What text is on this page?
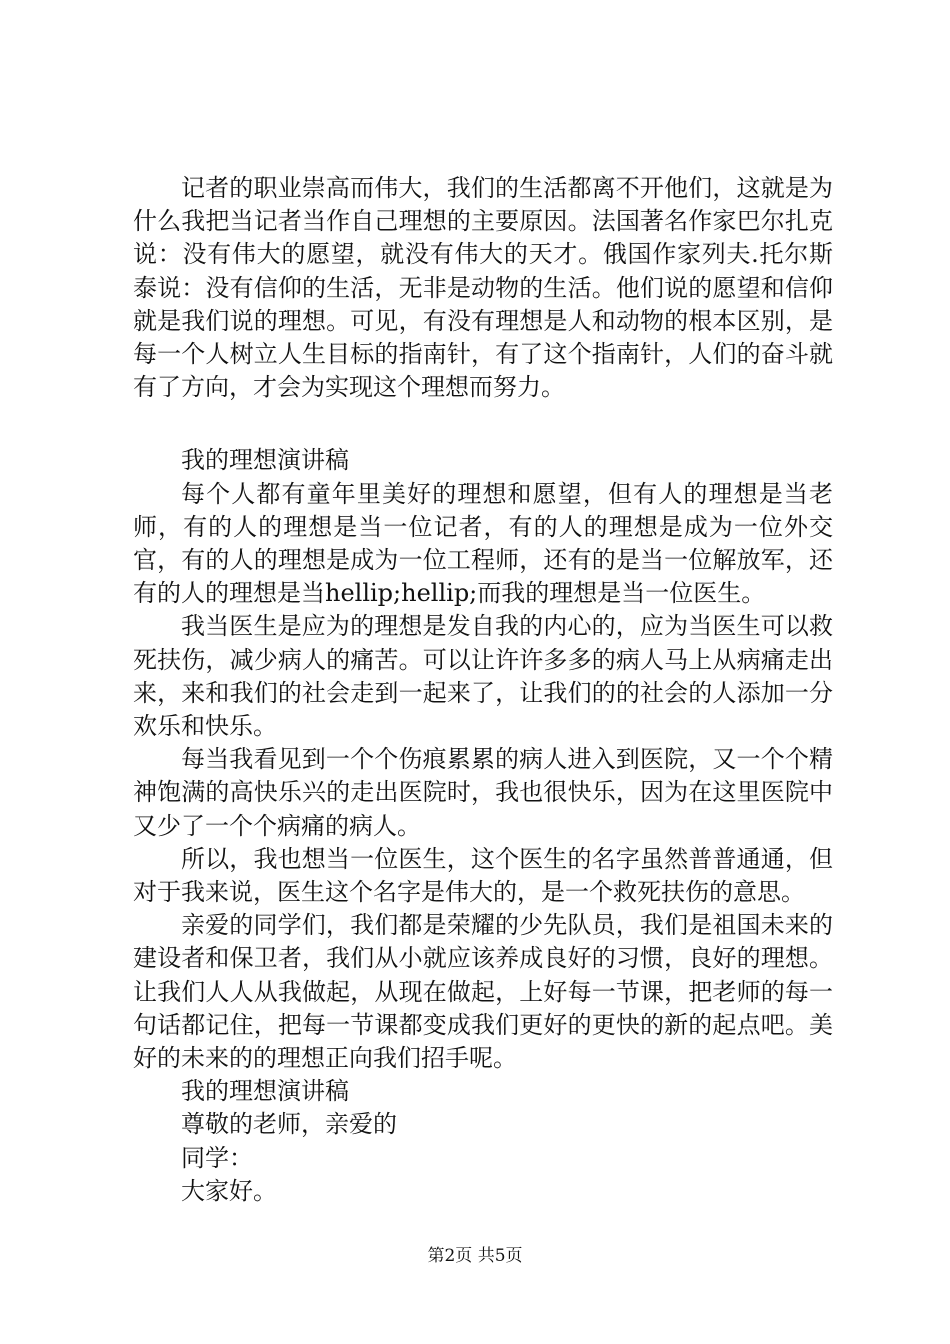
记者的职业崇高而伟大，我们的生活都离不开他们，这就是为什么我把当记者当作自己理想的主要原因。法国著名作家巴尔扎克说：没有伟大的愿望，就没有伟大的天才。俄国作家列夫.托尔斯泰说：没有信仰的生活，无非是动物的生活。他们说的愿望和信仰就是我们说的理想。可见，有没有理想是人和动物的根本区别，是每一个人树立人生目标的指南针，有了这个指南针，人们的奋斗就有了方向，才会为实现这个理想而努力。

我的理想演讲稿

每个人都有童年里美好的理想和愿望，但有人的理想是当老师，有的人的理想是当一位记者，有的人的理想是成为一位外交官，有的人的理想是成为一位工程师，还有的是当一位解放军，还有的人的理想是当hellip;hellip;而我的理想是当一位医生。

我当医生是应为的理想是发自我的内心的，应为当医生可以救死扶伤，减少病人的痛苦。可以让许许多多的病人马上从病痛走出来，来和我们的社会走到一起来了，让我们的的社会的人添加一分欢乐和快乐。

每当我看见到一个个伤痕累累的病人进入到医院，又一个个精神饱满的高快乐兴的走出医院时，我也很快乐，因为在这里医院中又少了一个个病痛的病人。

所以，我也想当一位医生，这个医生的名字虽然普普通通，但对于我来说，医生这个名字是伟大的，是一个救死扶伤的意思。

亲爱的同学们，我们都是荣耀的少先队员，我们是祖国未来的建设者和保卫者，我们从小就应该养成良好的习惯，良好的理想。让我们人人从我做起，从现在做起，上好每一节课，把老师的每一句话都记住，把每一节课都变成我们更好的更快的新的起点吧。美好的未来的的理想正向我们招手呢。

我的理想演讲稿

尊敬的老师，亲爱的

同学：

大家好。

第2页 共5页
